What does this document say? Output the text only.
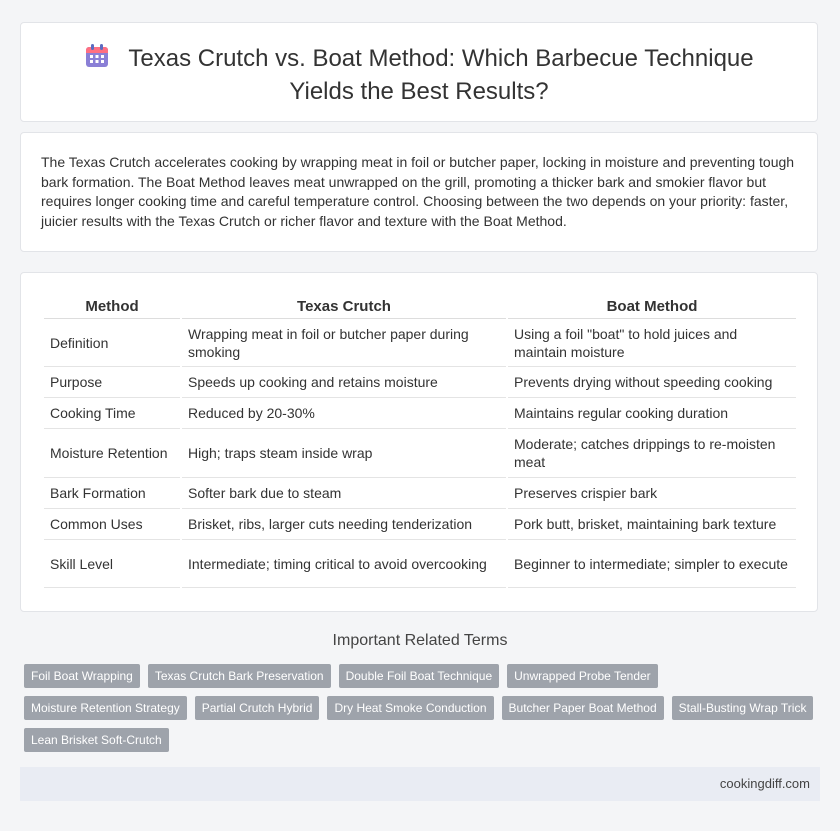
Texas Crutch vs. Boat Method: Which Barbecue Technique Yields the Best Results?
The Texas Crutch accelerates cooking by wrapping meat in foil or butcher paper, locking in moisture and preventing tough bark formation. The Boat Method leaves meat unwrapped on the grill, promoting a thicker bark and smokier flavor but requires longer cooking time and careful temperature control. Choosing between the two depends on your priority: faster, juicier results with the Texas Crutch or richer flavor and texture with the Boat Method.
Method	Texas Crutch	Boat Method
Definition	Wrapping meat in foil or butcher paper during smoking	Using a foil "boat" to hold juices and maintain moisture
Purpose	Speeds up cooking and retains moisture	Prevents drying without speeding cooking
Cooking Time	Reduced by 20-30%	Maintains regular cooking duration
Moisture Retention	High; traps steam inside wrap	Moderate; catches drippings to re-moisten meat
Bark Formation	Softer bark due to steam	Preserves crispier bark
Common Uses	Brisket, ribs, larger cuts needing tenderization	Pork butt, brisket, maintaining bark texture
Skill Level	Intermediate; timing critical to avoid overcooking	Beginner to intermediate; simpler to execute
Important Related Terms
Foil Boat Wrapping	Texas Crutch Bark Preservation	Double Foil Boat Technique	Unwrapped Probe Tender
Moisture Retention Strategy	Partial Crutch Hybrid	Dry Heat Smoke Conduction	Butcher Paper Boat Method	Stall-Busting Wrap Trick
Lean Brisket Soft-Crutch
cookingdiff.com
